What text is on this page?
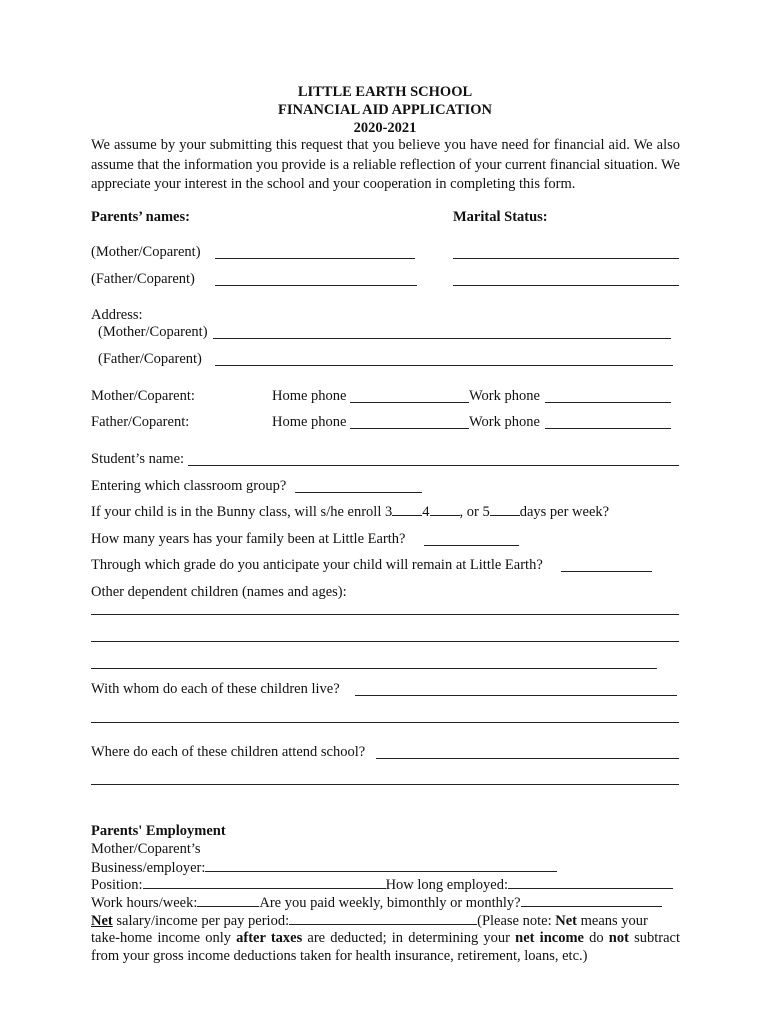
LITTLE EARTH SCHOOL
FINANCIAL AID APPLICATION
2020-2021
We assume by your submitting this request that you believe you have need for financial aid. We also assume that the information you provide is a reliable reflection of your current financial situation. We appreciate your interest in the school and your cooperation in completing this form.
Parents’ names:	Marital Status:
(Mother/Coparent)
(Father/Coparent)
Address:
(Mother/Coparent)
(Father/Coparent)
Mother/Coparent:	Home phone	Work phone
Father/Coparent:	Home phone	Work phone
Student’s name:
Entering which classroom group?
If your child is in the Bunny class, will s/he enroll 3 4 , or 5 days per week?
How many years has your family been at Little Earth?
Through which grade do you anticipate your child will remain at Little Earth?
Other dependent children (names and ages):
With whom do each of these children live?
Where do each of these children attend school?
Parents' Employment
Mother/Coparent’s
Business/employer:
Position:	How long employed:
Work hours/week:	Are you paid weekly, bimonthly or monthly?
Net salary/income per pay period:	(Please note: Net means your
take-home income only after taxes are deducted; in determining your net income do not subtract
from your gross income deductions taken for health insurance, retirement, loans, etc.)
